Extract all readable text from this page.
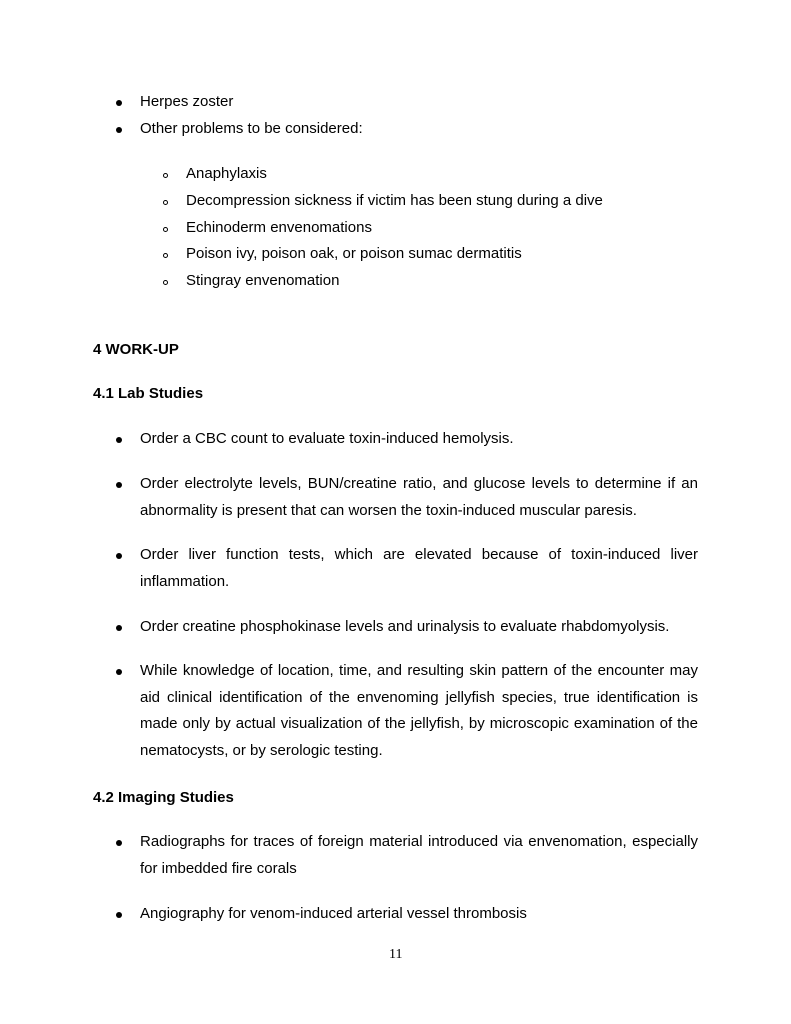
Herpes zoster
Other problems to be considered:
Anaphylaxis
Decompression sickness if victim has been stung during a dive
Echinoderm envenomations
Poison ivy, poison oak, or poison sumac dermatitis
Stingray envenomation
4 WORK-UP
4.1 Lab Studies
Order a CBC count to evaluate toxin-induced hemolysis.
Order electrolyte levels, BUN/creatine ratio, and glucose levels to determine if an abnormality is present that can worsen the toxin-induced muscular paresis.
Order liver function tests, which are elevated because of toxin-induced liver inflammation.
Order creatine phosphokinase levels and urinalysis to evaluate rhabdomyolysis.
While knowledge of location, time, and resulting skin pattern of the encounter may aid clinical identification of the envenoming jellyfish species, true identification is made only by actual visualization of the jellyfish, by microscopic examination of the nematocysts, or by serologic testing.
4.2 Imaging Studies
Radiographs for traces of foreign material introduced via envenomation, especially for imbedded fire corals
Angiography for venom-induced arterial vessel thrombosis
11
